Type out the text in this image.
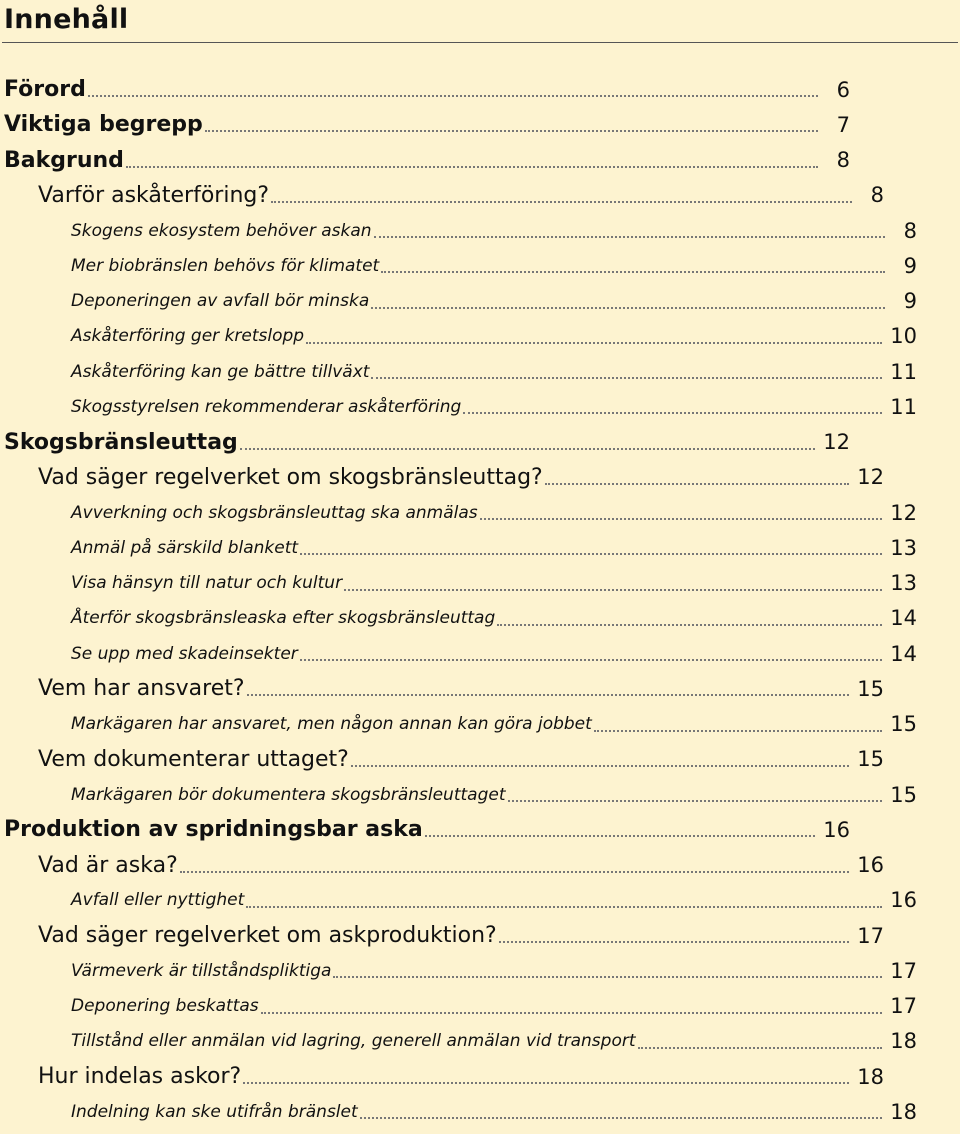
Innehåll
Förord	6
Viktiga begrepp	7
Bakgrund	8
Varför askåterföring?	8
Skogens ekosystem behöver askan	8
Mer biobränslen behövs för klimatet	9
Deponeringen av avfall bör minska	9
Askåterföring ger kretslopp	10
Askåterföring kan ge bättre tillväxt	11
Skogsstyrelsen rekommenderar askåterföring	11
Skogsbränsleuttag	12
Vad säger regelverket om skogsbränsleuttag?	12
Avverkning och skogsbränsleuttag ska anmälas	12
Anmäl på särskild blankett	13
Visa hänsyn till natur och kultur	13
Återför skogsbränsleaska efter skogsbränsleuttag	14
Se upp med skadeinsekter	14
Vem har ansvaret?	15
Markägaren har ansvaret, men någon annan kan göra jobbet	15
Vem dokumenterar uttaget?	15
Markägaren bör dokumentera skogsbränsleuttaget	15
Produktion av spridningsbar aska	16
Vad är aska?	16
Avfall eller nyttighet	16
Vad säger regelverket om askproduktion?	17
Värmeverk är tillståndspliktiga	17
Deponering beskattas	17
Tillstånd eller anmälan vid lagring, generell anmälan vid transport	18
Hur indelas askor?	18
Indelning kan ske utifrån bränslet	18
